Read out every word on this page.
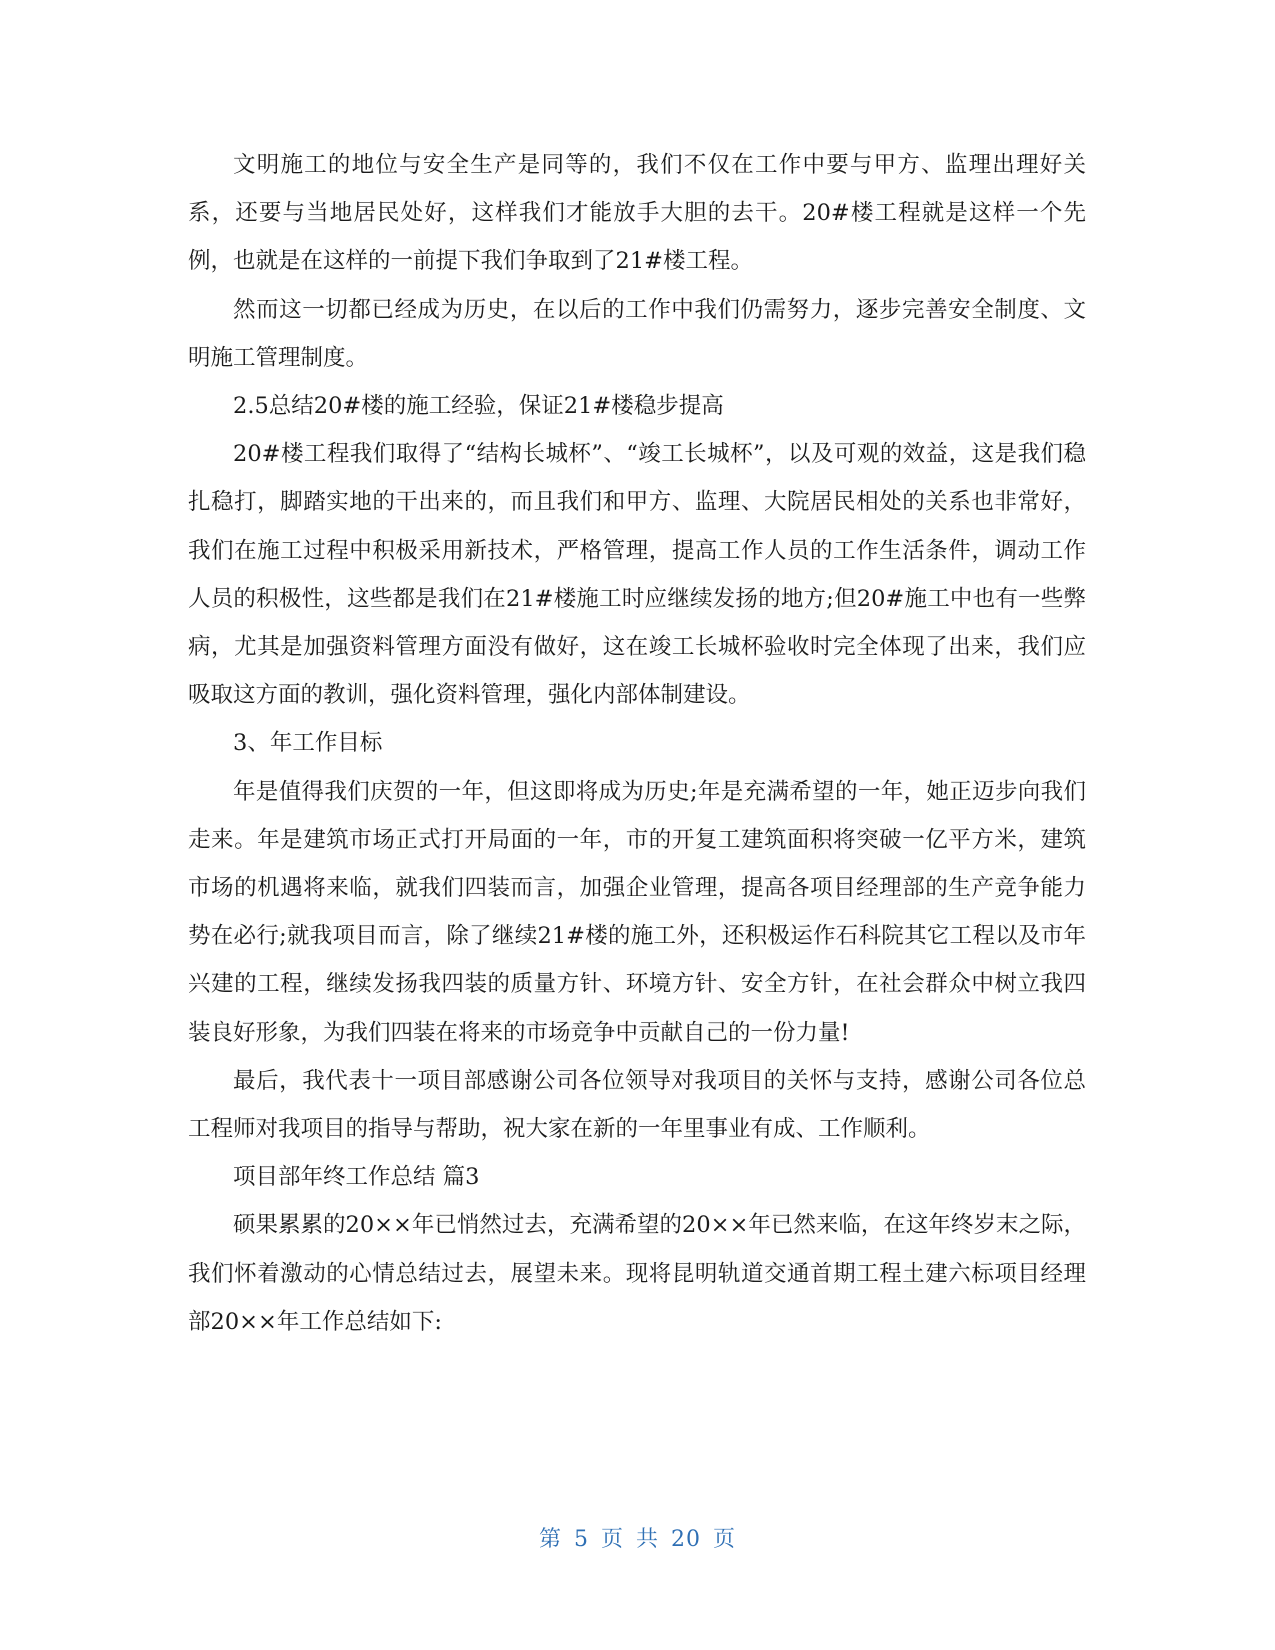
文明施工的地位与安全生产是同等的，我们不仅在工作中要与甲方、监理出理好关系，还要与当地居民处好，这样我们才能放手大胆的去干。20#楼工程就是这样一个先例，也就是在这样的一前提下我们争取到了21#楼工程。

然而这一切都已经成为历史，在以后的工作中我们仍需努力，逐步完善安全制度、文明施工管理制度。

2.5总结20#楼的施工经验，保证21#楼稳步提高

20#楼工程我们取得了“结构长城杯”、“竣工长城杯”，以及可观的效益，这是我们稳扎稳打，脚踏实地的干出来的，而且我们和甲方、监理、大院居民相处的关系也非常好，我们在施工过程中积极采用新技术，严格管理，提高工作人员的工作生活条件，调动工作人员的积极性，这些都是我们在21#楼施工时应继续发扬的地方;但20#施工中也有一些弊病，尤其是加强资料管理方面没有做好，这在竣工长城杯验收时完全体现了出来，我们应吸取这方面的教训，强化资料管理，强化内部体制建设。

3、年工作目标

年是值得我们庆贺的一年，但这即将成为历史;年是充满希望的一年，她正迈步向我们走来。年是建筑市场正式打开局面的一年，市的开复工建筑面积将突破一亿平方米，建筑市场的机遇将来临，就我们四装而言，加强企业管理，提高各项目经理部的生产竞争能力势在必行;就我项目而言，除了继续21#楼的施工外，还积极运作石科院其它工程以及市年兴建的工程，继续发扬我四装的质量方针、环境方针、安全方针，在社会群众中树立我四装良好形象，为我们四装在将来的市场竞争中贡献自己的一份力量!

最后，我代表十一项目部感谢公司各位领导对我项目的关怀与支持，感谢公司各位总工程师对我项目的指导与帮助，祝大家在新的一年里事业有成、工作顺利。

项目部年终工作总结 篇3

硕果累累的20××年已悄然过去，充满希望的20××年已然来临，在这年终岁末之际，我们怀着激动的心情总结过去，展望未来。现将昆明轨道交通首期工程土建六标项目经理部20××年工作总结如下:

第 5 页 共 20 页
